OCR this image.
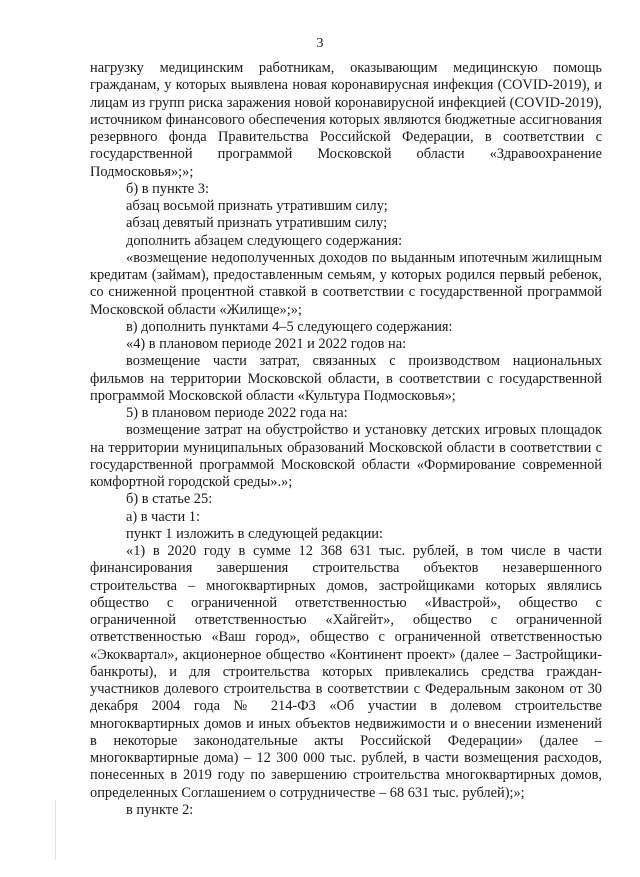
3

нагрузку медицинским работникам, оказывающим медицинскую помощь гражданам, у которых выявлена новая коронавирусная инфекция (COVID-2019), и лицам из групп риска заражения новой коронавирусной инфекцией (COVID-2019), источником финансового обеспечения которых являются бюджетные ассигнования резервного фонда Правительства Российской Федерации, в соответствии с государственной программой Московской области «Здравоохранение Подмосковья»;»;

б) в пункте 3:

абзац восьмой признать утратившим силу;

абзац девятый признать утратившим силу;

дополнить абзацем следующего содержания:

«возмещение недополученных доходов по выданным ипотечным жилищным кредитам (займам), предоставленным семьям, у которых родился первый ребенок, со сниженной процентной ставкой в соответствии с государственной программой Московской области «Жилище»;»;

в) дополнить пунктами 4–5 следующего содержания:

«4) в плановом периоде 2021 и 2022 годов на:

возмещение части затрат, связанных с производством национальных фильмов на территории Московской области, в соответствии с государственной программой Московской области «Культура Подмосковья»;

5) в плановом периоде 2022 года на:

возмещение затрат на обустройство и установку детских игровых площадок на территории муниципальных образований Московской области в соответствии с государственной программой Московской области «Формирование современной комфортной городской среды».»;

б) в статье 25:

а) в части 1:

пункт 1 изложить в следующей редакции:

«1) в 2020 году в сумме 12 368 631 тыс. рублей, в том числе в части финансирования завершения строительства объектов незавершенного строительства – многоквартирных домов, застройщиками которых являлись общество с ограниченной ответственностью «Ивастрой», общество с ограниченной ответственностью «Хайгейт», общество с ограниченной ответственностью «Ваш город», общество с ограниченной ответственностью «Экоквартал», акционерное общество «Континент проект» (далее – Застройщики-банкроты), и для строительства которых привлекались средства граждан-участников долевого строительства в соответствии с Федеральным законом от 30 декабря 2004 года № 214-ФЗ «Об участии в долевом строительстве многоквартирных домов и иных объектов недвижимости и о внесении изменений в некоторые законодательные акты Российской Федерации» (далее – многоквартирные дома) – 12 300 000 тыс. рублей, в части возмещения расходов, понесенных в 2019 году по завершению строительства многоквартирных домов, определенных Соглашением о сотрудничестве – 68 631 тыс. рублей);»;

в пункте 2:
